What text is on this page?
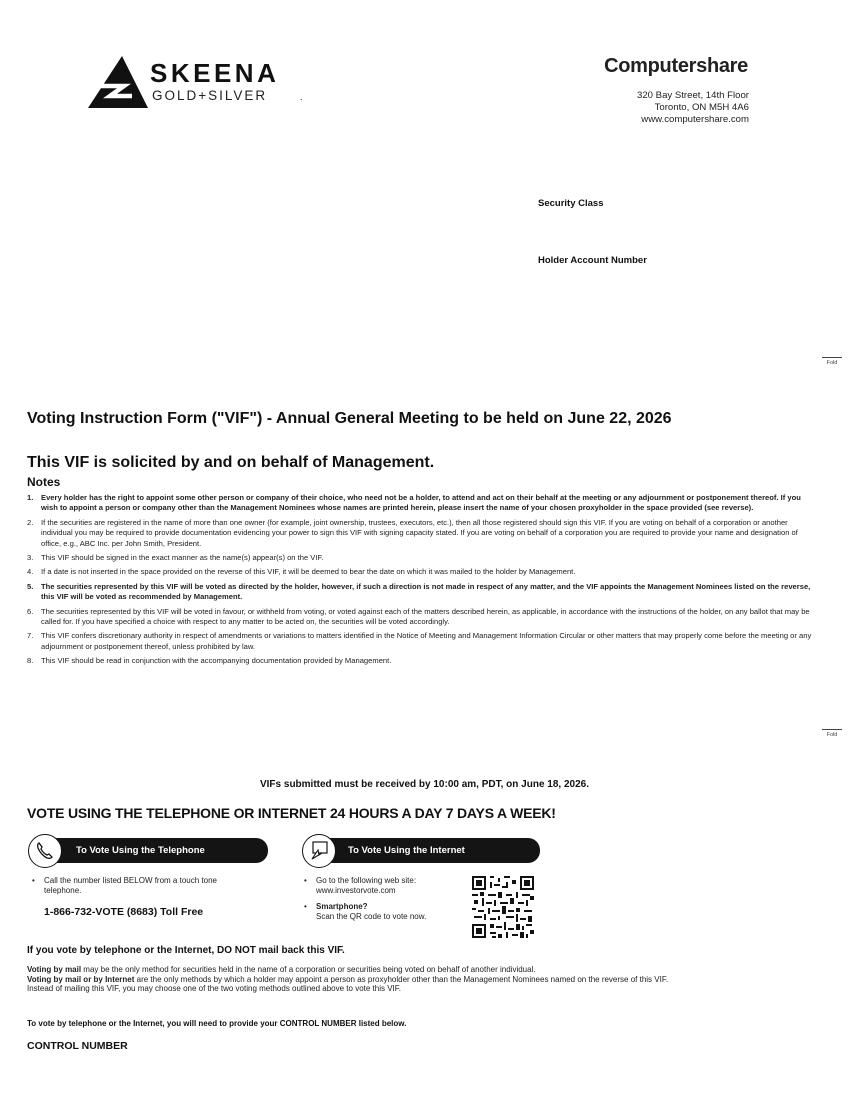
SKEENA
GOLD+SILVER	.
Computershare
320 Bay Street, 14th Floor
Toronto, ON M5H 4A6
www.computershare.com
Security Class
Holder Account Number
Fold
Fold
Voting Instruction Form ("VIF") - Annual General Meeting to be held on June 22, 2026
This VIF is solicited by and on behalf of Management.
Notes
1. Every holder has the right to appoint some other person or company of their choice, who need not be a holder, to attend and act on their behalf at the meeting or any adjournment or postponement thereof. If you wish to appoint a person or company other than the Management Nominees whose names are printed herein, please insert the name of your chosen proxyholder in the space provided (see reverse).
2. If the securities are registered in the name of more than one owner (for example, joint ownership, trustees, executors, etc.), then all those registered should sign this VIF. If you are voting on behalf of a corporation or another individual you may be required to provide documentation evidencing your power to sign this VIF with signing capacity stated. If you are voting on behalf of a corporation you are required to provide your name and designation of office, e.g., ABC Inc. per John Smith, President.
3. This VIF should be signed in the exact manner as the name(s) appear(s) on the VIF.
4. If a date is not inserted in the space provided on the reverse of this VIF, it will be deemed to bear the date on which it was mailed to the holder by Management.
5. The securities represented by this VIF will be voted as directed by the holder, however, if such a direction is not made in respect of any matter, and the VIF appoints the Management Nominees listed on the reverse, this VIF will be voted as recommended by Management.
6. The securities represented by this VIF will be voted in favour, or withheld from voting, or voted against each of the matters described herein, as applicable, in accordance with the instructions of the holder, on any ballot that may be called for. If you have specified a choice with respect to any matter to be acted on, the securities will be voted accordingly.
7. This VIF confers discretionary authority in respect of amendments or variations to matters identified in the Notice of Meeting and Management Information Circular or other matters that may properly come before the meeting or any adjournment or postponement thereof, unless prohibited by law.
8. This VIF should be read in conjunction with the accompanying documentation provided by Management.
VIFs submitted must be received by 10:00 am, PDT, on June 18, 2026.
VOTE USING THE TELEPHONE OR INTERNET 24 HOURS A DAY 7 DAYS A WEEK!
To Vote Using the Telephone	To Vote Using the Internet
• Call the number listed BELOW from a touch tone telephone.
1-866-732-VOTE (8683) Toll Free
• Go to the following web site:
www.investorvote.com
• Smartphone?
Scan the QR code to vote now.
If you vote by telephone or the Internet, DO NOT mail back this VIF.

Voting by mail may be the only method for securities held in the name of a corporation or securities being voted on behalf of another individual.

Voting by mail or by Internet are the only methods by which a holder may appoint a person as proxyholder other than the Management Nominees named on the reverse of this VIF.

Instead of mailing this VIF, you may choose one of the two voting methods outlined above to vote this VIF.

To vote by telephone or the Internet, you will need to provide your CONTROL NUMBER listed below.
CONTROL NUMBER
